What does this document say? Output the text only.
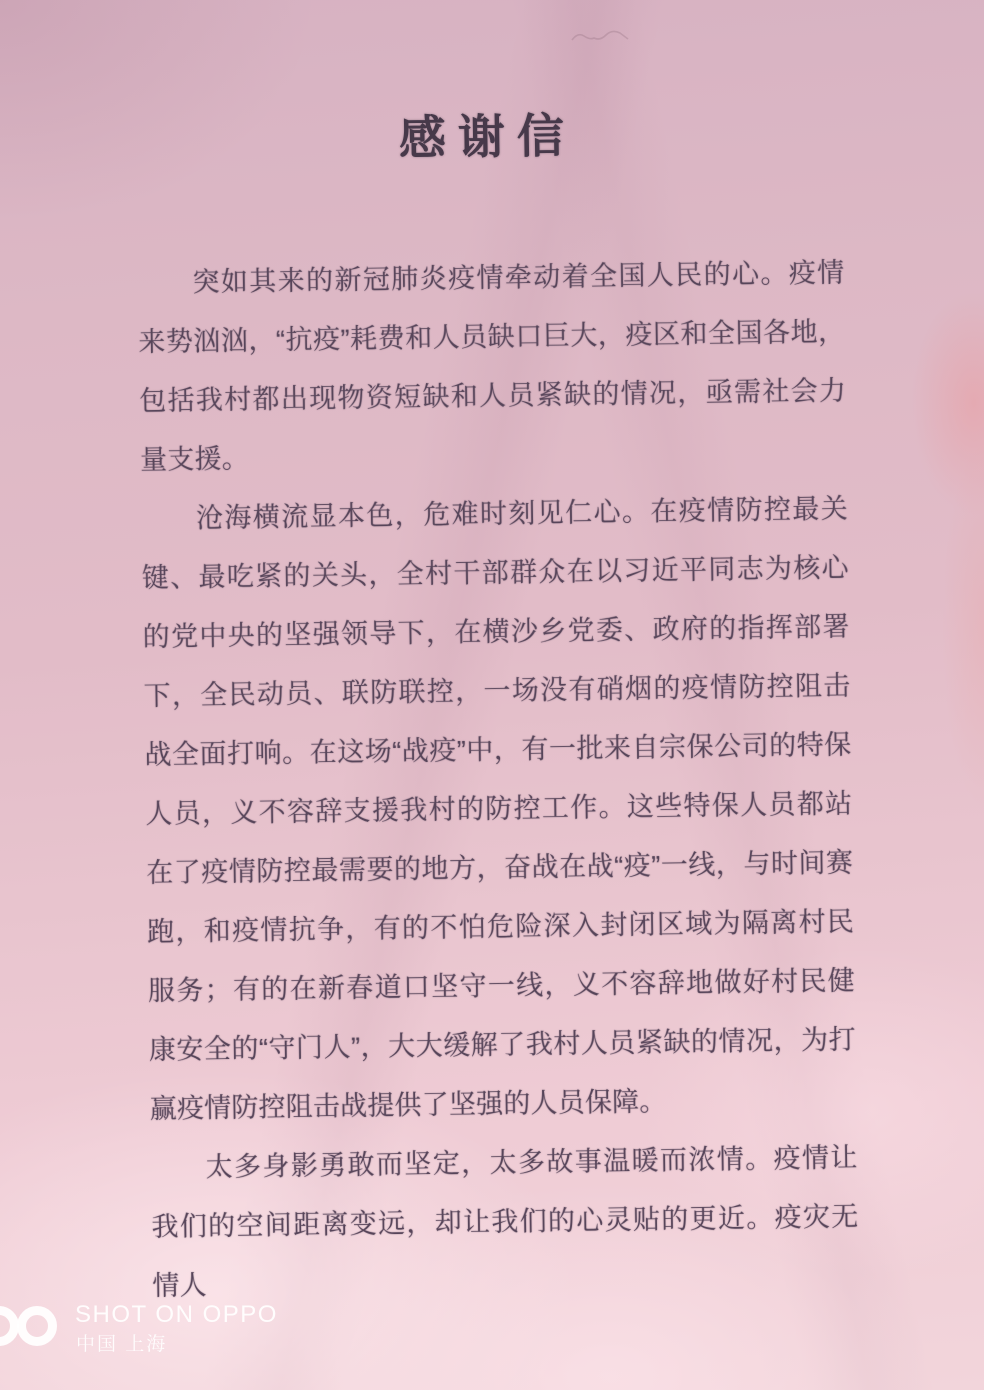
感谢信

突如其来的新冠肺炎疫情牵动着全国人民的心。疫情来势汹汹，“抗疫”耗费和人员缺口巨大，疫区和全国各地，包括我村都出现物资短缺和人员紧缺的情况，亟需社会力量支援。

沧海横流显本色，危难时刻见仁心。在疫情防控最关键、最吃紧的关头，全村干部群众在以习近平同志为核心的党中央的坚强领导下，在横沙乡党委、政府的指挥部署下，全民动员、联防联控，一场没有硝烟的疫情防控阻击战全面打响。在这场“战疫”中，有一批来自宗保公司的特保人员，义不容辞支援我村的防控工作。这些特保人员都站在了疫情防控最需要的地方，奋战在战“疫”一线，与时间赛跑，和疫情抗争，有的不怕危险深入封闭区域为隔离村民服务；有的在新春道口坚守一线，义不容辞地做好村民健康安全的“守门人”，大大缓解了我村人员紧缺的情况，为打赢疫情防控阻击战提供了坚强的人员保障。

太多身影勇敢而坚定，太多故事温暖而浓情。疫情让我们的空间距离变远，却让我们的心灵贴的更近。疫灾无情人

SHOT ON OPPO
中国 上海
